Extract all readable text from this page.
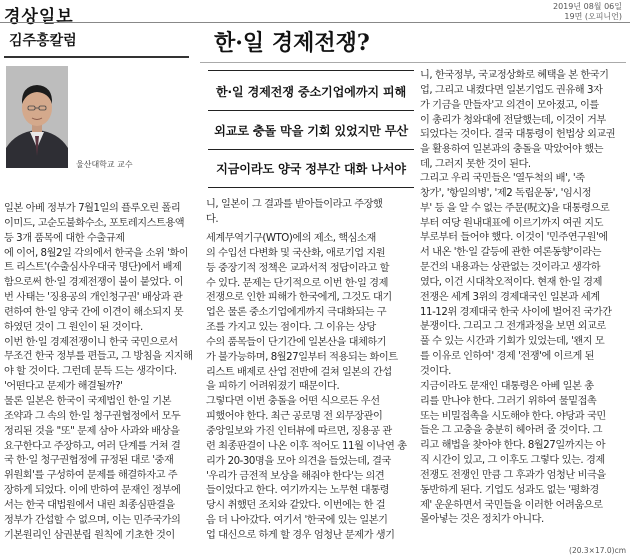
경상일보
2019년 08월 06일
19면 (오피니언)
김주홍칼럼	한·일 경제전쟁?
울산대학교 교수
한·일 경제전쟁 중소기업에까지 피해
외교로 충돌 막을 기회 있었지만 무산
지금이라도 양국 정부간 대화 나서야

일본 아베 정부가 7월1일의 플루오린 폴리

이미드, 고순도불화수소, 포토레지스트용액

등 3개 품목에 대한 수출규제

에 이어, 8월2일 각의에서 한국을 소위 '화이

트 리스트'(수출심사우대국 명단)에서 배제

함으로써 한·일 경제전쟁이 불이 붙었다. 이

번 사태는 '징용공의 개인청구권' 배상과 관

련하여 한·일 양국 간에 이견이 해소되지 못

하였던 것이 그 원인이 된 것이다.

이번 한·일 경제전쟁이니 한국 국민으로서

무조건 한국 정부를 편들고, 그 방침을 지지해

야 할 것이다. 그런데 문득 드는 생각이다.

'어떤다고 문제가 해결될까?'

물론 일본은 한국이 국제법인 한·일 기본

조약과 그 속의 한·일 청구권협정에서 모두

정리된 것을 "또" 문제 삼아 사과와 배상을

요구한다고 주장하고, 여러 단계를 거쳐 결

국 한·일 청구권협정에 규정된 대로 '중재

위원회'를 구성하여 문제를 해결하자고 주

장하게 되었다. 이에 반하여 문재인 정부에

서는 한국 대법원에서 내린 최종심판결을

정부가 간섭할 수 없으며, 이는 민주국가의

기본원리인 삼권분립 원칙에 기초한 것이

니, 일본이 그 결과를 받아들이라고 주장했

다.

세계무역기구(WTO)에의 제소, 핵심소재

의 수입선 다변화 및 국산화, 애로기업 지원

등 중장기적 정책은 교과서적 정답이라고 할

수 있다. 문제는 단기적으로 이번 한·일 경제

전쟁으로 인한 피해가 한국에게, 그것도 대기

업은 물론 중소기업에게까지 극대화되는 구

조를 가지고 있는 점이다. 그 이유는 상당

수의 품목들이 단기간에 일본산을 대체하기

가 불가능하며, 8월27일부터 적용되는 화이트

리스트 배제로 산업 전반에 걸쳐 일본의 간섭

을 피하기 어려워졌기 때문이다.

그렇다면 이번 충돌을 어떤 식으로든 우선

피했어야 한다. 최근 공로명 전 외무장관이

중앙일보와 가진 인터뷰에 따르면, 징용공 관

련 최종판결이 나온 이후 적어도 11월 이낙연 총

리가 20-30명을 모아 의견을 들었는데, 결국

'우리가 금전적 보상을 해줘야 한다'는 의견

들이었다고 한다. 여기까지는 노무현 대통령

당시 취했던 조치와 같았다. 이번에는 한 걸

음 더 나아갔다. 여기서 '한국에 있는 일본기

업 대신으로 하게 할 경우 엄청난 문제가 생기

니, 한국정부, 국교정상화로 혜택을 본 한국기

업, 그리고 내켰다면 일본기업도 권유해 3자

가 기금을 만들자'고 의견이 모아졌고, 이를

이 총리가 청와대에 전달했는데, 이것이 거부

되었다는 것이다. 결국 대통령이 헌법상 외교권

을 활용하여 일본과의 충돌을 막았어야 했는

데, 그러지 못한 것이 된다.

그리고 우리 국민들은 '열두척의 배', '죽

창가', '항일의병', '제2 독립운동', '임시정

부' 등 을 알 수 없는 주문(呪文)을 대통령으로

부터 여당 원내대표에 이르기까지 여권 지도

부로부터 들어야 했다. 이것이 '민주연구원'에

서 내온 '한·일 갈등에 관한 여론동향'이라는

문건의 내용과는 상관없는 것이라고 생각하

였다, 이건 시대착오적이다. 현재 한·일 경제

전쟁은 세계 3위의 경제대국인 일본과 세계

11-12위 경제대국 한국 사이에 벌어진 국가간

분쟁이다. 그리고 그 전개과정을 보면 외교로

풀 수 있는 시간과 기회가 있었는데, '왠지 모

를 이유로 인하여' 경제 '전쟁'에 이르게 된

것이다.

지금이라도 문재인 대통령은 아베 일본 총

리를 만나야 한다. 그러기 위하여 물밑접촉

또는 비밀접촉을 시도해야 한다. 야당과 국민

들은 그 고충을 충분히 헤아려 줄 것이다. 그

리고 해법을 찾아야 한다. 8월27일까지는 아

직 시간이 있고, 그 이후도 그렇다 있는. 경제

전쟁도 전쟁인 만큼 그 후과가 엄청난 비극을

동반하게 된다. 기업도 성과도 없는 '평화경

제' 운운하면서 국민들을 이러한 어려움으로

몰아넣는 것은 정치가 아니다.

(20.3×17.0)cm
